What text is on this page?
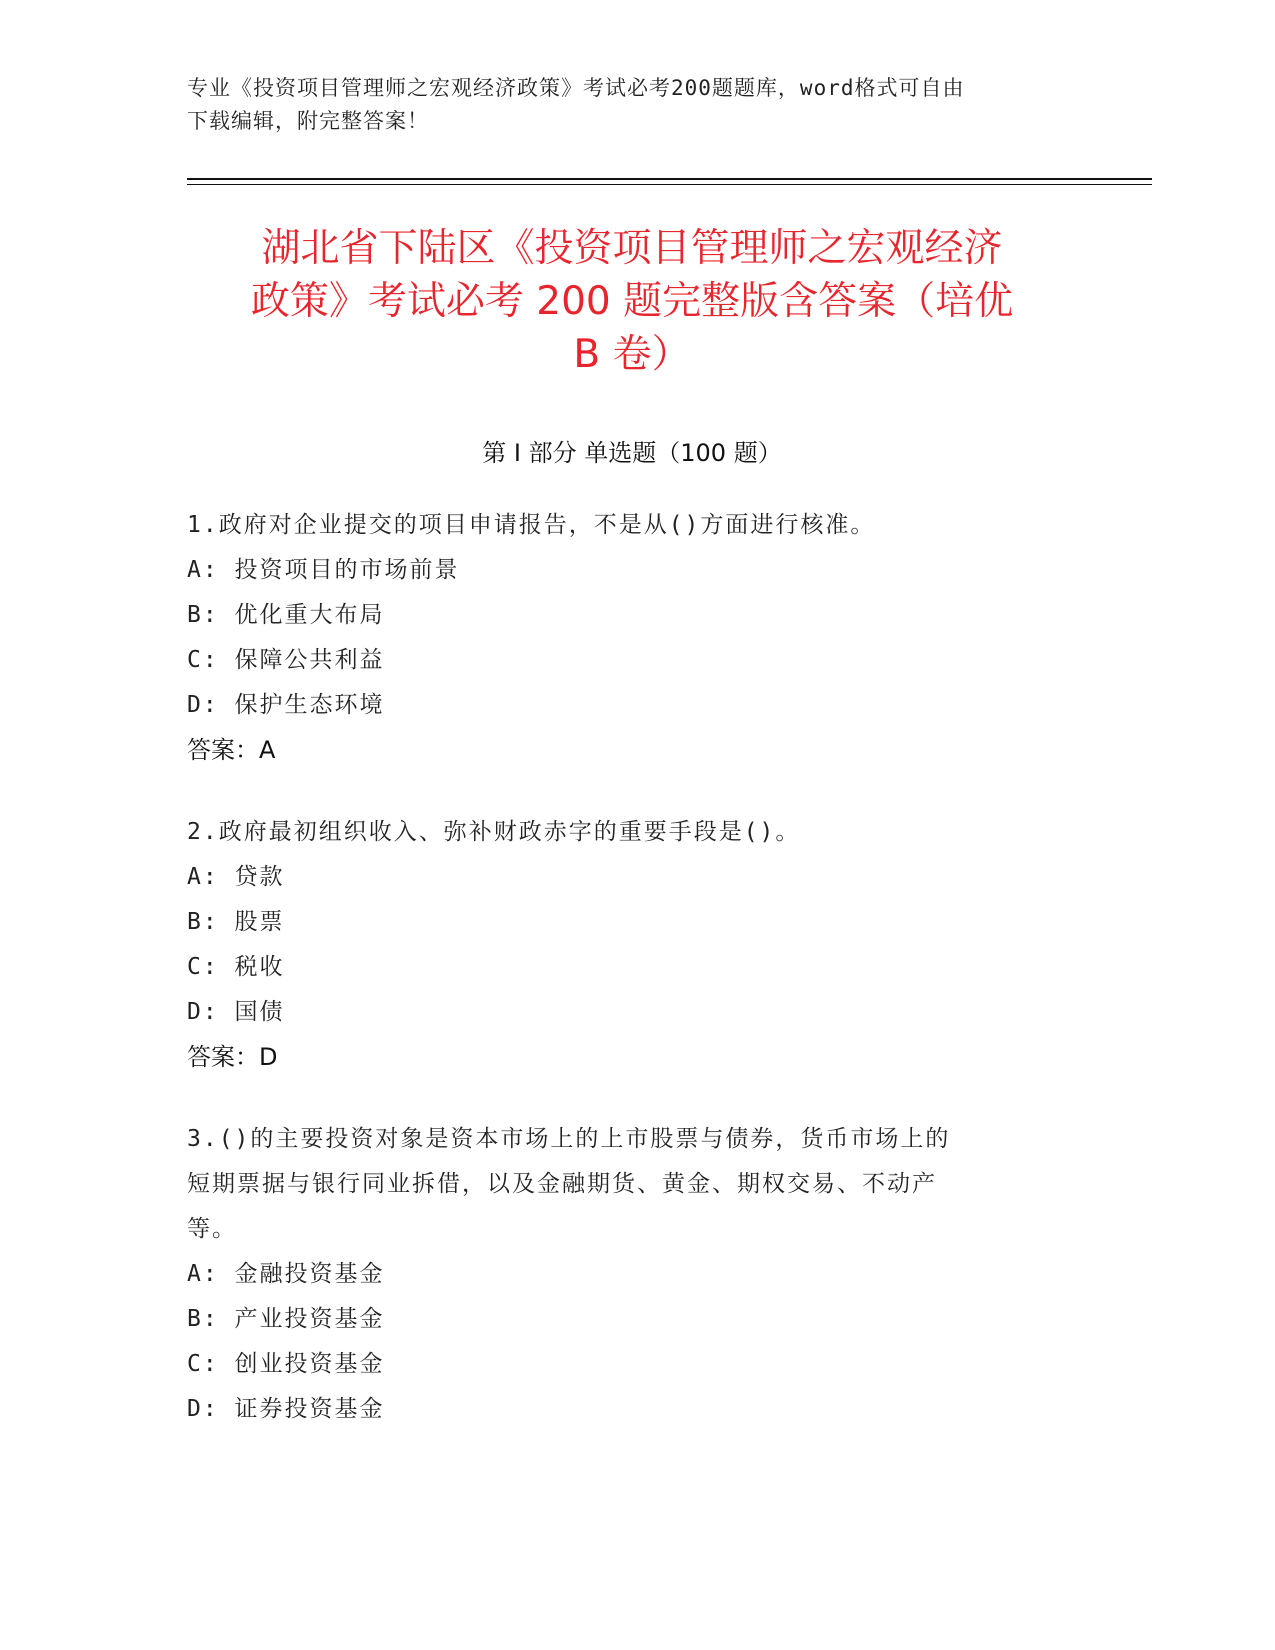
专业《投资项目管理师之宏观经济政策》考试必考200题题库，word格式可自由
下载编辑，附完整答案！
湖北省下陆区《投资项目管理师之宏观经济
政策》考试必考 200 题完整版含答案（培优
B 卷）
第 I 部分 单选题（100 题）
1.政府对企业提交的项目申请报告，不是从()方面进行核准。
A: 投资项目的市场前景
B: 优化重大布局
C: 保障公共利益
D: 保护生态环境
答案：A
2.政府最初组织收入、弥补财政赤字的重要手段是()。
A: 贷款
B: 股票
C: 税收
D: 国债
答案：D
3.()的主要投资对象是资本市场上的上市股票与债券，货币市场上的
短期票据与银行同业拆借，以及金融期货、黄金、期权交易、不动产
等。
A: 金融投资基金
B: 产业投资基金
C: 创业投资基金
D: 证券投资基金
